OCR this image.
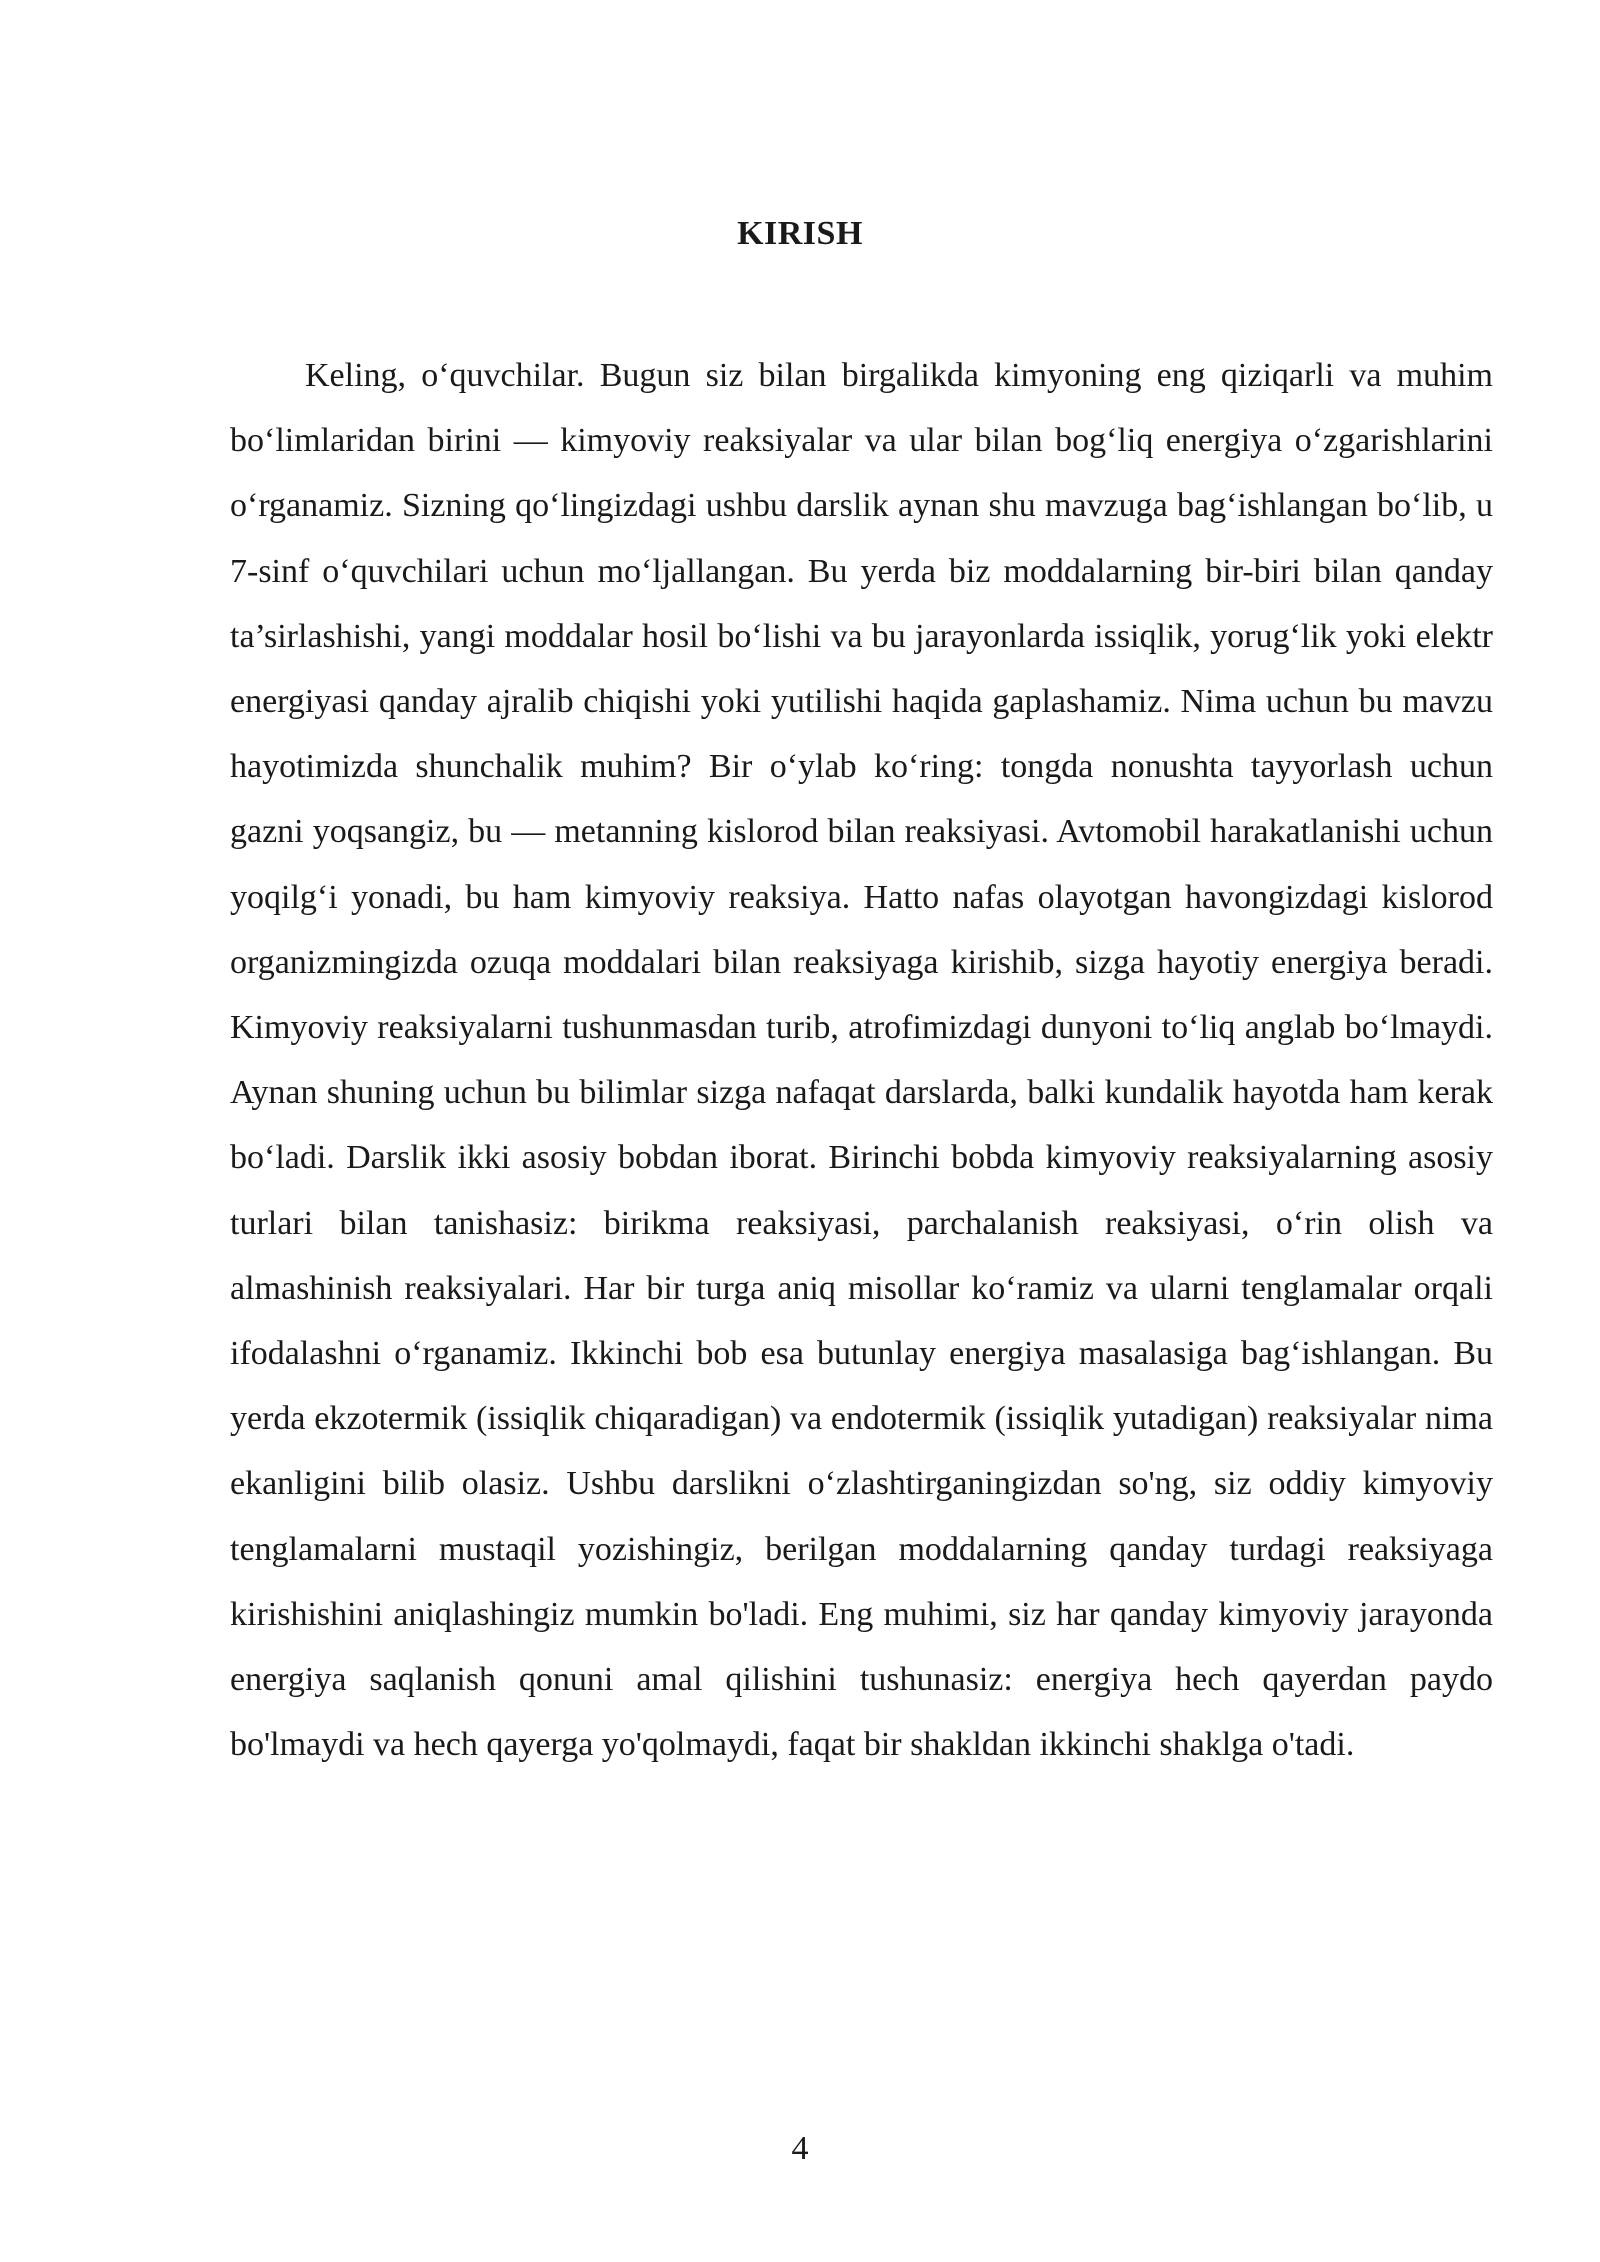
KIRISH

Keling, o‘quvchilar. Bugun siz bilan birgalikda kimyoning eng qiziqarli va muhim bo‘limlaridan birini — kimyoviy reaksiyalar va ular bilan bog‘liq energiya o‘zgarishlarini o‘rganamiz. Sizning qo‘lingizdagi ushbu darslik aynan shu mavzuga bag‘ishlangan bo‘lib, u 7-sinf o‘quvchilari uchun mo‘ljallangan. Bu yerda biz moddalarning bir-biri bilan qanday ta’sirlashishi, yangi moddalar hosil bo‘lishi va bu jarayonlarda issiqlik, yorug‘lik yoki elektr energiyasi qanday ajralib chiqishi yoki yutilishi haqida gaplashamiz. Nima uchun bu mavzu hayotimizda shunchalik muhim? Bir o‘ylab ko‘ring: tongda nonushta tayyorlash uchun gazni yoqsangiz, bu — metanning kislorod bilan reaksiyasi. Avtomobil harakatlanishi uchun yoqilg‘i yonadi, bu ham kimyoviy reaksiya. Hatto nafas olayotgan havongizdagi kislorod organizmingizda ozuqa moddalari bilan reaksiyaga kirishib, sizga hayotiy energiya beradi. Kimyoviy reaksiyalarni tushunmasdan turib, atrofimizdagi dunyoni to‘liq anglab bo‘lmaydi. Aynan shuning uchun bu bilimlar sizga nafaqat darslarda, balki kundalik hayotda ham kerak bo‘ladi. Darslik ikki asosiy bobdan iborat. Birinchi bobda kimyoviy reaksiyalarning asosiy turlari bilan tanishasiz: birikma reaksiyasi, parchalanish reaksiyasi, o‘rin olish va almashinish reaksiyalari. Har bir turga aniq misollar ko‘ramiz va ularni tenglamalar orqali ifodalashni o‘rganamiz. Ikkinchi bob esa butunlay energiya masalasiga bag‘ishlangan. Bu yerda ekzotermik (issiqlik chiqaradigan) va endotermik (issiqlik yutadigan) reaksiyalar nima ekanligini bilib olasiz. Ushbu darslikni o‘zlashtirganingizdan so'ng, siz oddiy kimyoviy tenglamalarni mustaqil yozishingiz, berilgan moddalarning qanday turdagi reaksiyaga kirishishini aniqlashingiz mumkin bo'ladi. Eng muhimi, siz har qanday kimyoviy jarayonda energiya saqlanish qonuni amal qilishini tushunasiz: energiya hech qayerdan paydo bo'lmaydi va hech qayerga yo'qolmaydi, faqat bir shakldan ikkinchi shaklga o'tadi.

4
